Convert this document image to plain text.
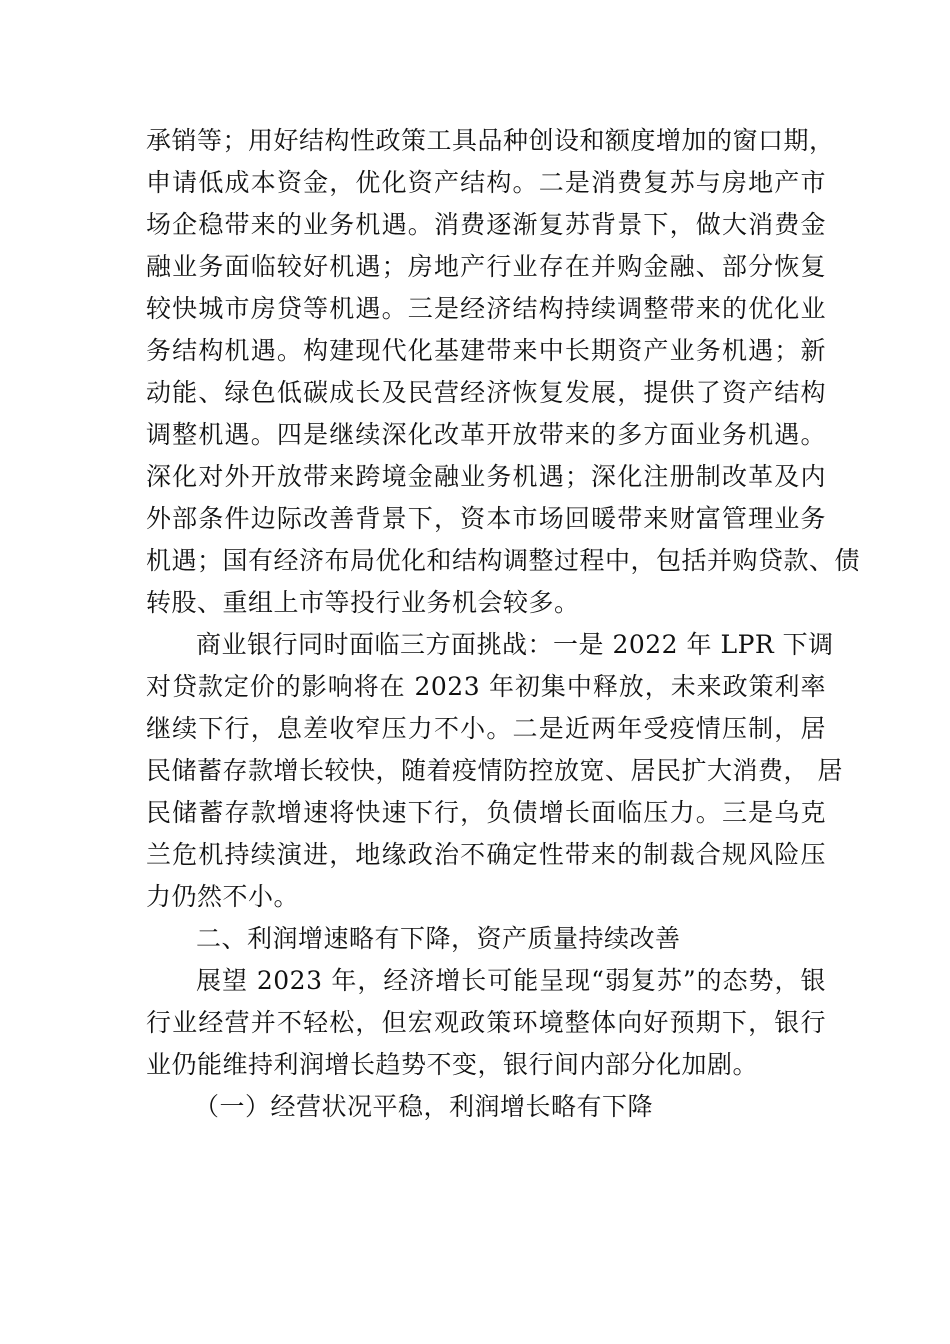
承销等；用好结构性政策工具品种创设和额度增加的窗口期，
申请低成本资金，优化资产结构。二是消费复苏与房地产市
场企稳带来的业务机遇。消费逐渐复苏背景下，做大消费金
融业务面临较好机遇；房地产行业存在并购金融、部分恢复
较快城市房贷等机遇。三是经济结构持续调整带来的优化业
务结构机遇。构建现代化基建带来中长期资产业务机遇；新
动能、绿色低碳成长及民营经济恢复发展，提供了资产结构
调整机遇。四是继续深化改革开放带来的多方面业务机遇。
深化对外开放带来跨境金融业务机遇；深化注册制改革及内
外部条件边际改善背景下，资本市场回暖带来财富管理业务
机遇；国有经济布局优化和结构调整过程中，包括并购贷款、债
转股、重组上市等投行业务机会较多。
商业银行同时面临三方面挑战：一是 2022 年 LPR 下调
对贷款定价的影响将在 2023 年初集中释放，未来政策利率
继续下行，息差收窄压力不小。二是近两年受疫情压制，居
民储蓄存款增长较快，随着疫情防控放宽、居民扩大消费， 居
民储蓄存款增速将快速下行，负债增长面临压力。三是乌克
兰危机持续演进，地缘政治不确定性带来的制裁合规风险压
力仍然不小。
二、利润增速略有下降，资产质量持续改善
展望 2023 年，经济增长可能呈现“弱复苏”的态势，银
行业经营并不轻松，但宏观政策环境整体向好预期下，银行
业仍能维持利润增长趋势不变，银行间内部分化加剧。
（一）经营状况平稳，利润增长略有下降
